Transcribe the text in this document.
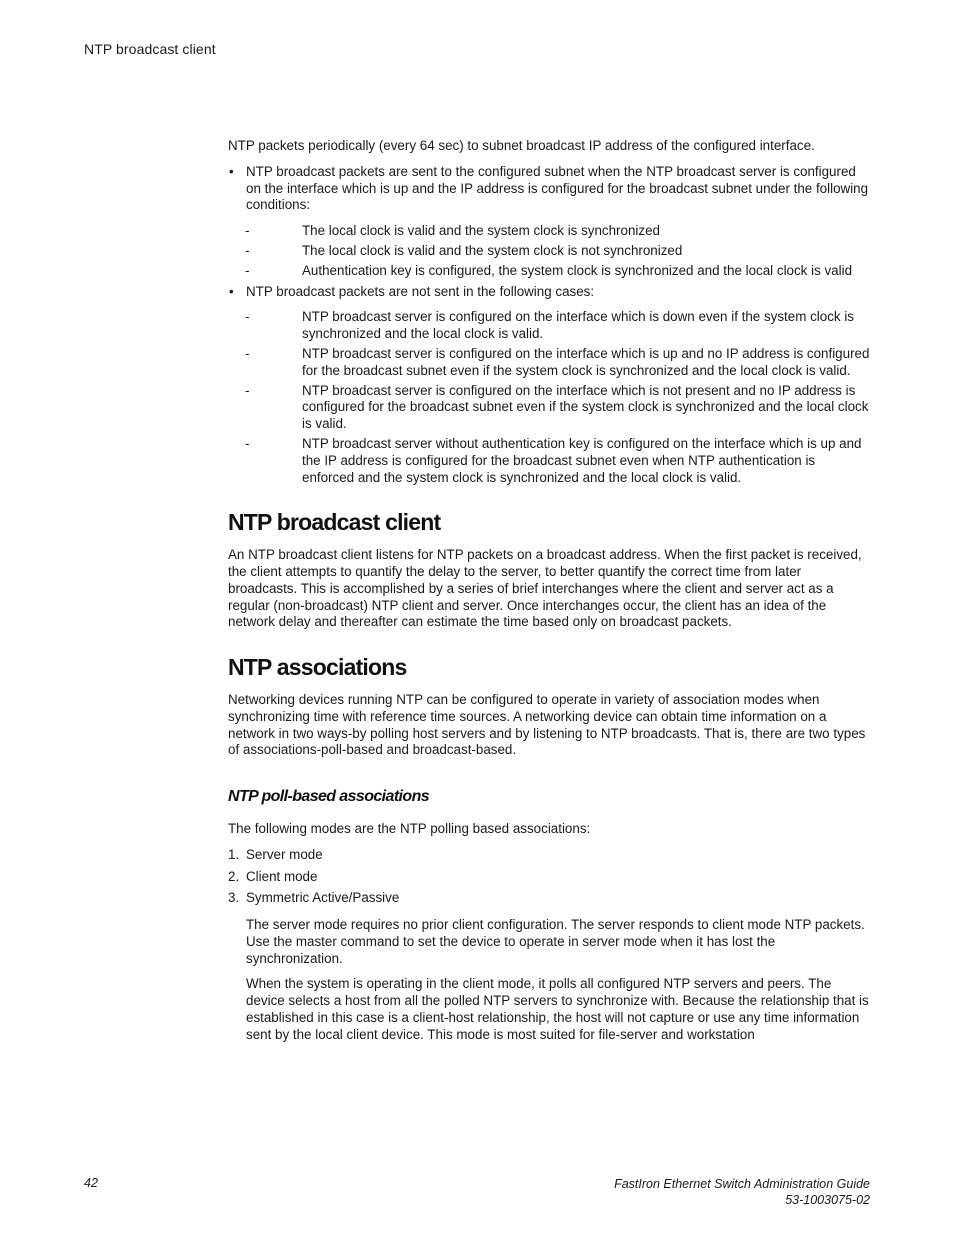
NTP broadcast client

NTP packets periodically (every 64 sec) to subnet broadcast IP address of the configured interface.

• NTP broadcast packets are sent to the configured subnet when the NTP broadcast server is configured on the interface which is up and the IP address is configured for the broadcast subnet under the following conditions:
-	The local clock is valid and the system clock is synchronized
-	The local clock is valid and the system clock is not synchronized
-	Authentication key is configured, the system clock is synchronized and the local clock is valid
• NTP broadcast packets are not sent in the following cases:
-	NTP broadcast server is configured on the interface which is down even if the system clock is synchronized and the local clock is valid.
-	NTP broadcast server is configured on the interface which is up and no IP address is configured for the broadcast subnet even if the system clock is synchronized and the local clock is valid.
-	NTP broadcast server is configured on the interface which is not present and no IP address is configured for the broadcast subnet even if the system clock is synchronized and the local clock is valid.
-	NTP broadcast server without authentication key is configured on the interface which is up and the IP address is configured for the broadcast subnet even when NTP authentication is enforced and the system clock is synchronized and the local clock is valid.
NTP broadcast client

An NTP broadcast client listens for NTP packets on a broadcast address. When the first packet is received, the client attempts to quantify the delay to the server, to better quantify the correct time from later broadcasts. This is accomplished by a series of brief interchanges where the client and server act as a regular (non-broadcast) NTP client and server. Once interchanges occur, the client has an idea of the network delay and thereafter can estimate the time based only on broadcast packets.

NTP associations

Networking devices running NTP can be configured to operate in variety of association modes when synchronizing time with reference time sources. A networking device can obtain time information on a network in two ways-by polling host servers and by listening to NTP broadcasts. That is, there are two types of associations-poll-based and broadcast-based.

NTP poll-based associations

The following modes are the NTP polling based associations:

1. Server mode
2. Client mode
3. Symmetric Active/Passive

The server mode requires no prior client configuration. The server responds to client mode NTP packets. Use the master command to set the device to operate in server mode when it has lost the synchronization.

When the system is operating in the client mode, it polls all configured NTP servers and peers. The device selects a host from all the polled NTP servers to synchronize with. Because the relationship that is established in this case is a client-host relationship, the host will not capture or use any time information sent by the local client device. This mode is most suited for file-server and workstation

42	FastIron Ethernet Switch Administration Guide
53-1003075-02
